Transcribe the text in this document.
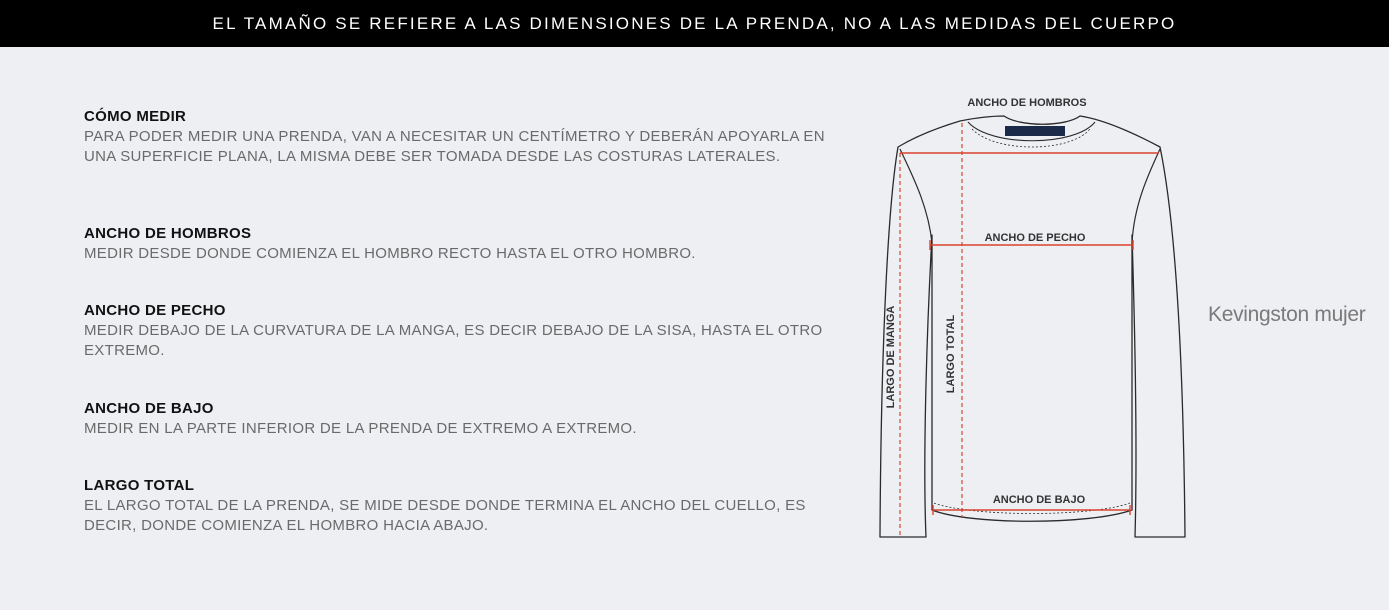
EL TAMAÑO SE REFIERE A LAS DIMENSIONES DE LA PRENDA, NO A LAS MEDIDAS DEL CUERPO
CÓMO MEDIR

PARA PODER MEDIR UNA PRENDA, VAN A NECESITAR UN CENTÍMETRO Y DEBERÁN APOYARLA EN UNA SUPERFICIE PLANA, LA MISMA DEBE SER TOMADA DESDE LAS COSTURAS LATERALES.

ANCHO DE HOMBROS

MEDIR DESDE DONDE COMIENZA EL HOMBRO RECTO HASTA EL OTRO HOMBRO.

ANCHO DE PECHO

MEDIR DEBAJO DE LA CURVATURA DE LA MANGA, ES DECIR DEBAJO DE LA SISA, HASTA EL OTRO EXTREMO.

ANCHO DE BAJO

MEDIR EN LA PARTE INFERIOR DE LA PRENDA DE EXTREMO A EXTREMO.

LARGO TOTAL

EL LARGO TOTAL DE LA PRENDA, SE MIDE DESDE DONDE TERMINA EL ANCHO DEL CUELLO, ES DECIR, DONDE COMIENZA EL HOMBRO HACIA ABAJO.

ANCHO DE HOMBROS
ANCHO DE PECHO
ANCHO DE BAJO
LARGO DE MANGA	LARGO TOTAL
Kevingston mujer
